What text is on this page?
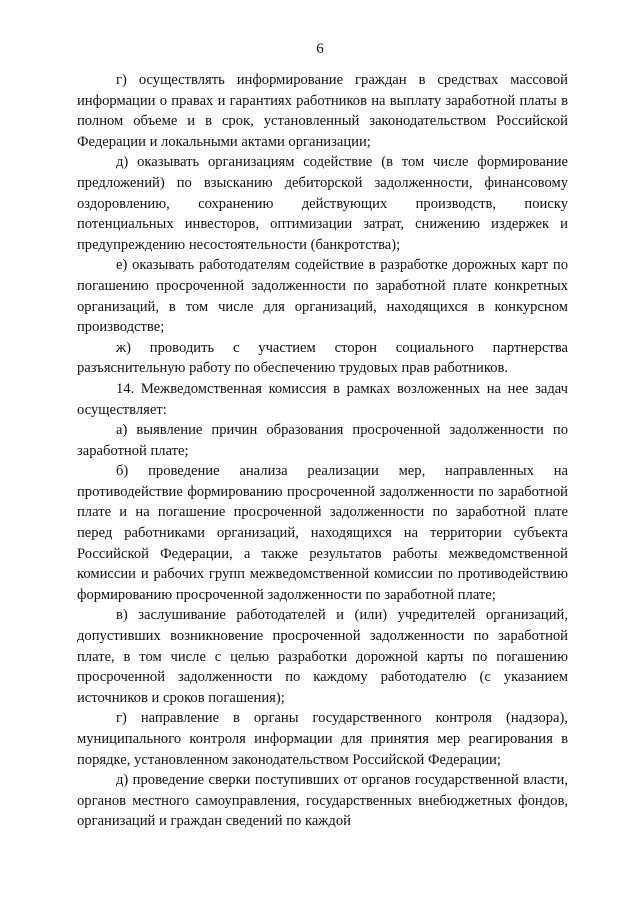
6

г) осуществлять информирование граждан в средствах массовой информации о правах и гарантиях работников на выплату заработной платы в полном объеме и в срок, установленный законодательством Российской Федерации и локальными актами организации;

д) оказывать организациям содействие (в том числе формирование предложений) по взысканию дебиторской задолженности, финансовому оздоровлению, сохранению действующих производств, поиску потенциальных инвесторов, оптимизации затрат, снижению издержек и предупреждению несостоятельности (банкротства);

е) оказывать работодателям содействие в разработке дорожных карт по погашению просроченной задолженности по заработной плате конкретных организаций, в том числе для организаций, находящихся в конкурсном производстве;

ж) проводить с участием сторон социального партнерства разъяснительную работу по обеспечению трудовых прав работников.

14. Межведомственная комиссия в рамках возложенных на нее задач осуществляет:

а) выявление причин образования просроченной задолженности по заработной плате;

б) проведение анализа реализации мер, направленных на противодействие формированию просроченной задолженности по заработной плате и на погашение просроченной задолженности по заработной плате перед работниками организаций, находящихся на территории субъекта Российской Федерации, а также результатов работы межведомственной комиссии и рабочих групп межведомственной комиссии по противодействию формированию просроченной задолженности по заработной плате;

в) заслушивание работодателей и (или) учредителей организаций, допустивших возникновение просроченной задолженности по заработной плате, в том числе с целью разработки дорожной карты по погашению просроченной задолженности по каждому работодателю (с указанием источников и сроков погашения);

г) направление в органы государственного контроля (надзора), муниципального контроля информации для принятия мер реагирования в порядке, установленном законодательством Российской Федерации;

д) проведение сверки поступивших от органов государственной власти, органов местного самоуправления, государственных внебюджетных фондов, организаций и граждан сведений по каждой
